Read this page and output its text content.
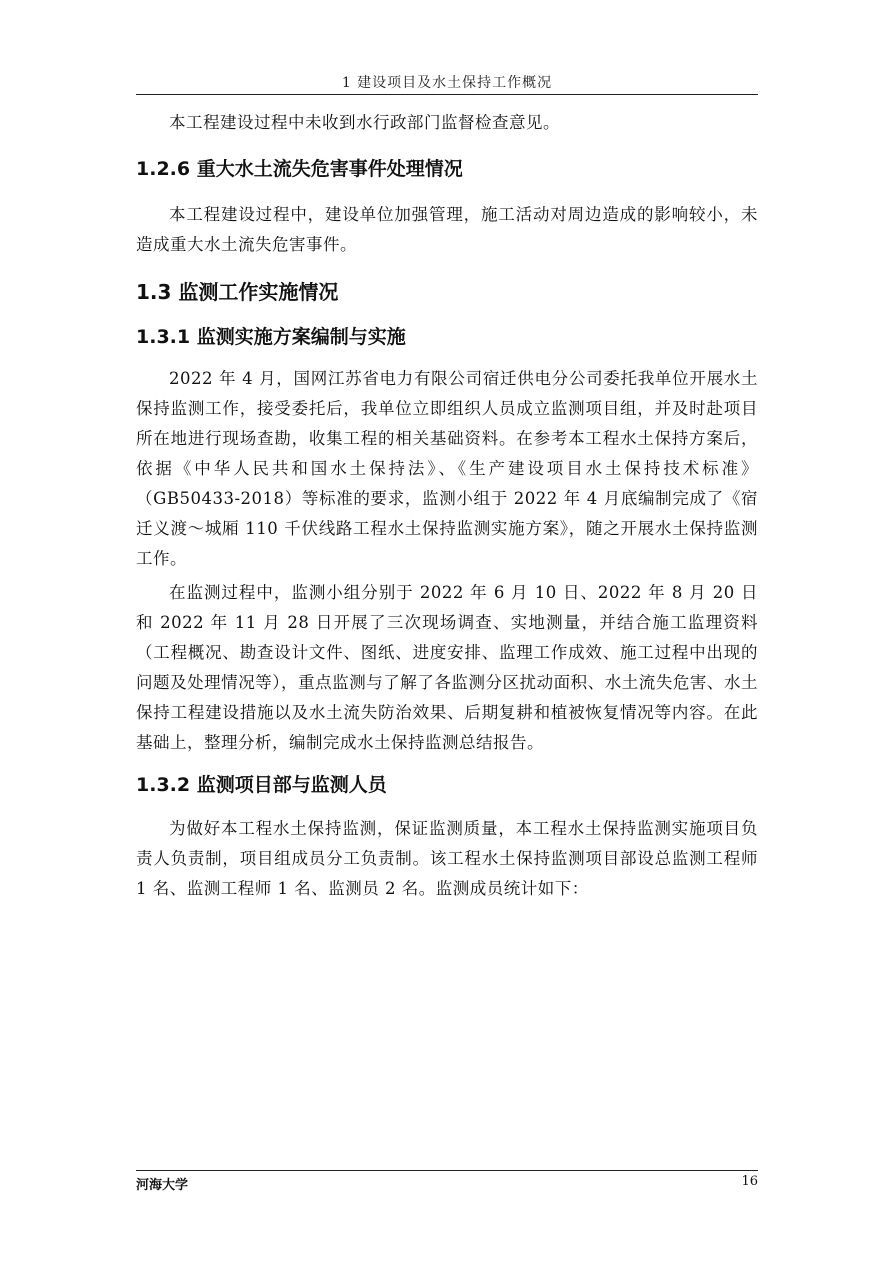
1 建设项目及水土保持工作概况

本工程建设过程中未收到水行政部门监督检查意见。

1.2.6 重大水土流失危害事件处理情况

本工程建设过程中，建设单位加强管理，施工活动对周边造成的影响较小，未造成重大水土流失危害事件。

1.3 监测工作实施情况
1.3.1 监测实施方案编制与实施

2022 年 4 月，国网江苏省电力有限公司宿迁供电分公司委托我单位开展水土保持监测工作，接受委托后，我单位立即组织人员成立监测项目组，并及时赴项目所在地进行现场查勘，收集工程的相关基础资料。在参考本工程水土保持方案后，依据《中华人民共和国水土保持法》、《生产建设项目水土保持技术标准》（GB50433-2018）等标准的要求，监测小组于 2022 年 4 月底编制完成了《宿迁义渡～城厢 110 千伏线路工程水土保持监测实施方案》，随之开展水土保持监测工作。

在监测过程中，监测小组分别于 2022 年 6 月 10 日、2022 年 8 月 20 日和 2022 年 11 月 28 日开展了三次现场调查、实地测量，并结合施工监理资料（工程概况、勘查设计文件、图纸、进度安排、监理工作成效、施工过程中出现的问题及处理情况等），重点监测与了解了各监测分区扰动面积、水土流失危害、水土保持工程建设措施以及水土流失防治效果、后期复耕和植被恢复情况等内容。在此基础上，整理分析，编制完成水土保持监测总结报告。

1.3.2 监测项目部与监测人员

为做好本工程水土保持监测，保证监测质量，本工程水土保持监测实施项目负责人负责制，项目组成员分工负责制。该工程水土保持监测项目部设总监测工程师 1 名、监测工程师 1 名、监测员 2 名。监测成员统计如下：

河海大学	16
